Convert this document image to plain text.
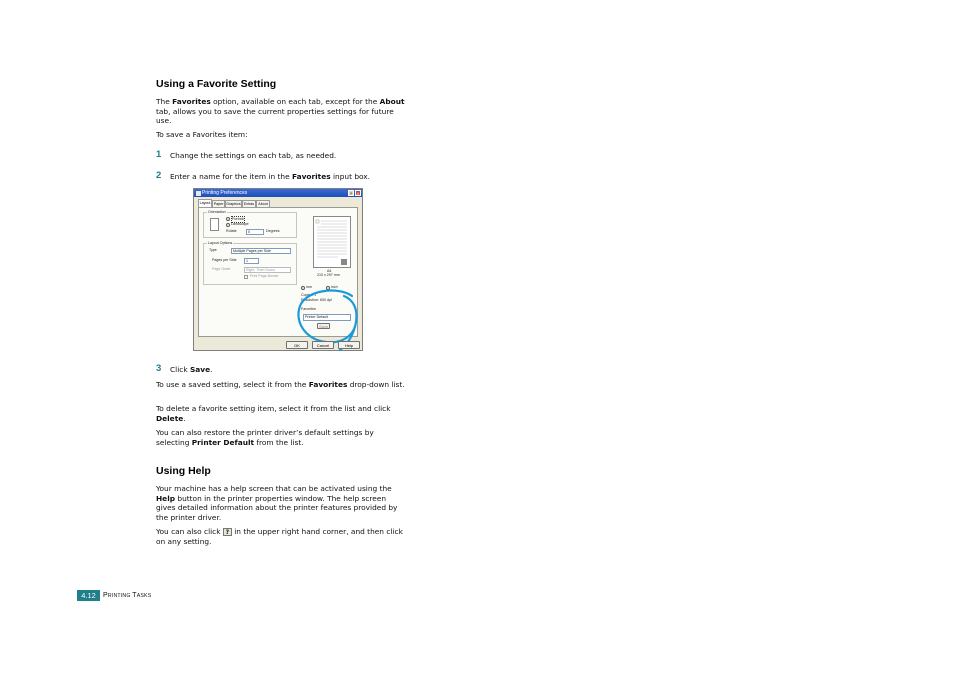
Using a Favorite Setting
The Favorites option, available on each tab, except for the About tab, allows you to save the current properties settings for future use.
To save a Favorites item:
1 Change the settings on each tab, as needed.
2 Enter a name for the item in the Favorites input box.
Printing Preferences	?	X
Layout Paper Graphics Extras	About
Orientation
Portrait
Landscape
Rotate	0	Degrees
Layout Options
Type	Multiple Pages per Side
Pages per Side	1
Page Order	Right, Then Down
Print Page Border
A4
210 x 297 mm
mm	inch
Copies: 1
Resolution: 600 dpi
Favorites
Printer Default
Save
OK	Cancel	Help
3 Click Save.
To use a saved setting, select it from the Favorites drop-down list.
To delete a favorite setting item, select it from the list and click Delete.
You can also restore the printer driver’s default settings by selecting Printer Default from the list.
Using Help
Your machine has a help screen that can be activated using the Help button in the printer properties window. The help screen gives detailed information about the printer features provided by the printer driver.
You can also click ? in the upper right hand corner, and then click on any setting.
4.12	PRINTING TASKS
